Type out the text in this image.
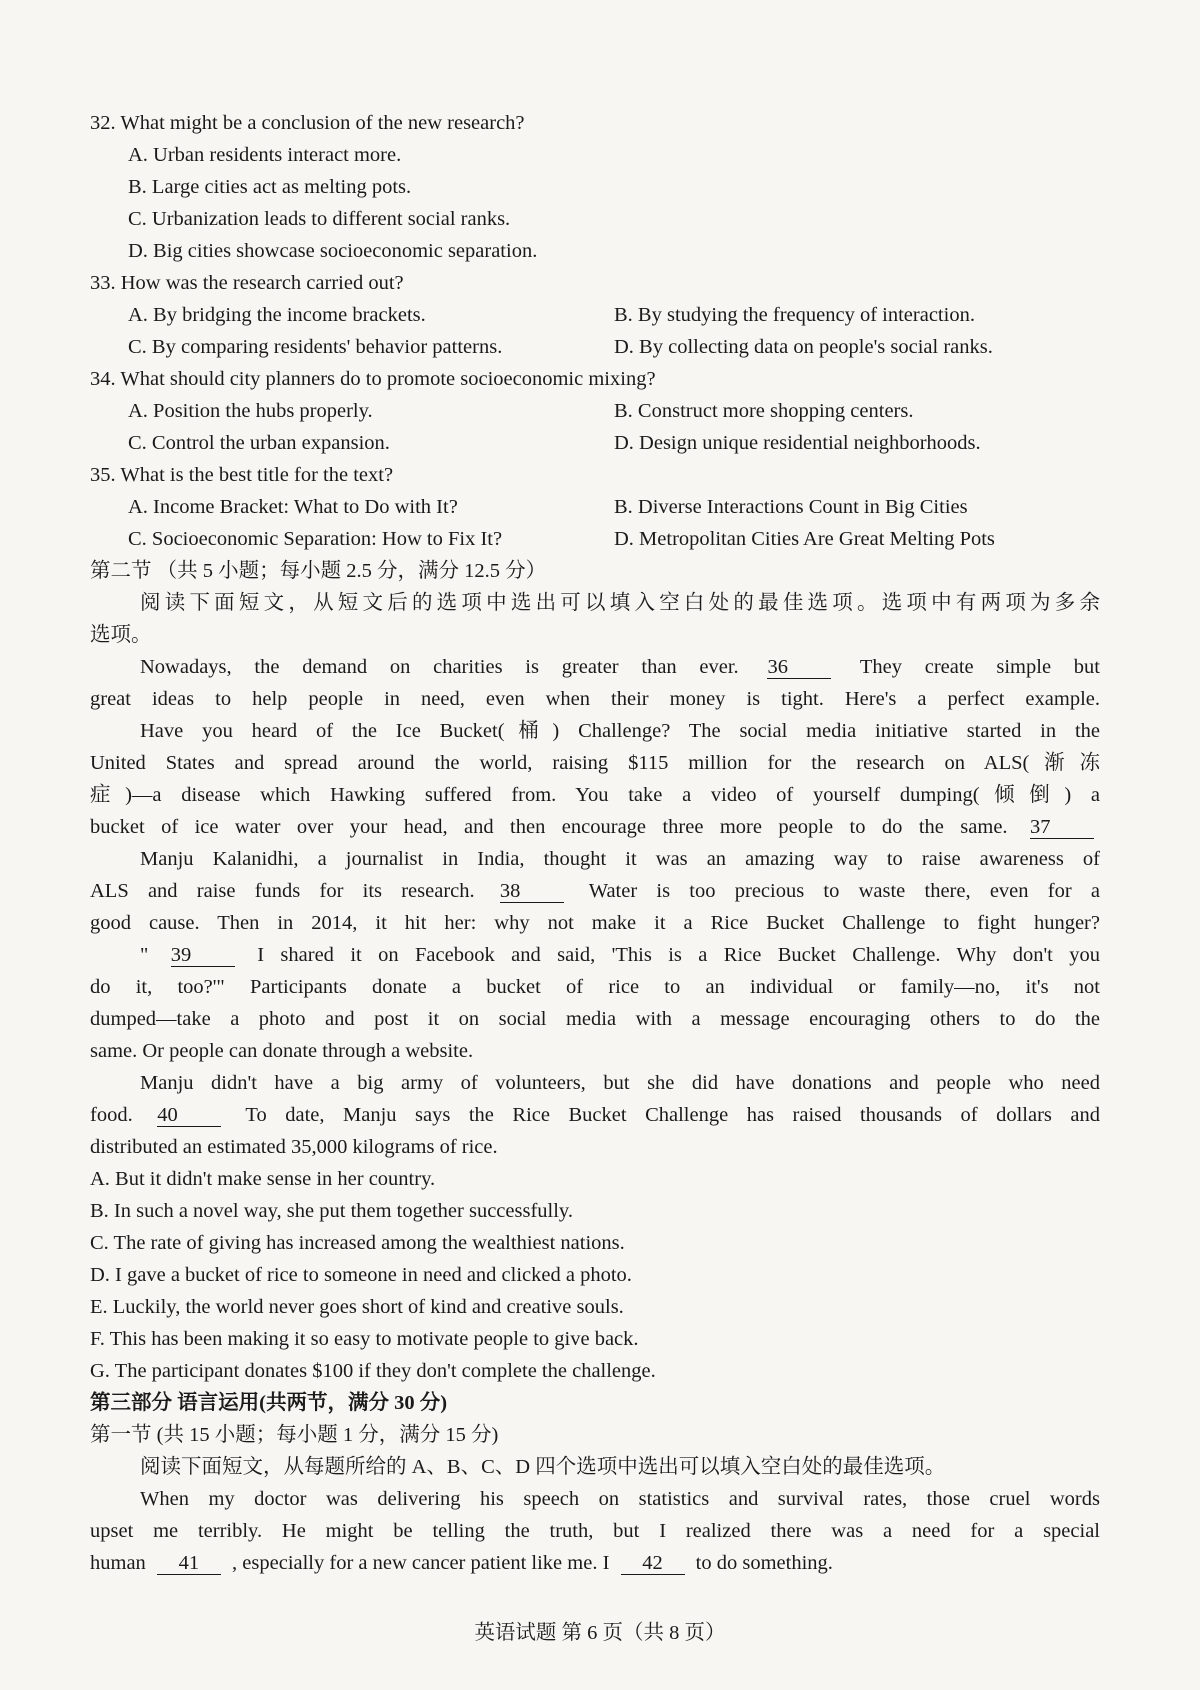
32. What might be a conclusion of the new research?
A. Urban residents interact more.
B. Large cities act as melting pots.
C. Urbanization leads to different social ranks.
D. Big cities showcase socioeconomic separation.
33. How was the research carried out?
A. By bridging the income brackets.	B. By studying the frequency of interaction.
C. By comparing residents' behavior patterns.	D. By collecting data on people's social ranks.
34. What should city planners do to promote socioeconomic mixing?
A. Position the hubs properly.	B. Construct more shopping centers.
C. Control the urban expansion.	D. Design unique residential neighborhoods.
35. What is the best title for the text?
A. Income Bracket: What to Do with It?	B. Diverse Interactions Count in Big Cities
C. Socioeconomic Separation: How to Fix It?	D. Metropolitan Cities Are Great Melting Pots
第二节 （共 5 小题；每小题 2.5 分，满分 12.5 分）
阅读下面短文，从短文后的选项中选出可以填入空白处的最佳选项。选项中有两项为多余
选项。
Nowadays, the demand on charities is greater than ever. 36	They create simple but
great ideas to help people in need, even when their money is tight. Here's a perfect example.
Have you heard of the Ice Bucket(桶) Challenge? The social media initiative started in the
United States and spread around the world, raising $115 million for the research on ALS(渐冻
症)—a disease which Hawking suffered from. You take a video of yourself dumping(倾倒) a
bucket of ice water over your head, and then encourage three more people to do the same. 37
Manju Kalanidhi, a journalist in India, thought it was an amazing way to raise awareness of
ALS and raise funds for its research. 38	Water is too precious to waste there, even for a
good cause. Then in 2014, it hit her: why not make it a Rice Bucket Challenge to fight hunger?
" 39	I shared it on Facebook and said, 'This is a Rice Bucket Challenge. Why don't you
do it, too?'" Participants donate a bucket of rice to an individual or family—no, it's not
dumped—take a photo and post it on social media with a message encouraging others to do the
same. Or people can donate through a website.
Manju didn't have a big army of volunteers, but she did have donations and people who need
food. 40	To date, Manju says the Rice Bucket Challenge has raised thousands of dollars and
distributed an estimated 35,000 kilograms of rice.
A. But it didn't make sense in her country.
B. In such a novel way, she put them together successfully.
C. The rate of giving has increased among the wealthiest nations.
D. I gave a bucket of rice to someone in need and clicked a photo.
E. Luckily, the world never goes short of kind and creative souls.
F. This has been making it so easy to motivate people to give back.
G. The participant donates $100 if they don't complete the challenge.
第三部分 语言运用(共两节，满分 30 分)
第一节 (共 15 小题；每小题 1 分，满分 15 分)
阅读下面短文，从每题所给的 A、B、C、D 四个选项中选出可以填入空白处的最佳选项。
When my doctor was delivering his speech on statistics and survival rates, those cruel words
upset me terribly. He might be telling the truth, but I realized there was a need for a special
human 41 , especially for a new cancer patient like me. I 42 to do something.
英语试题 第 6 页（共 8 页）
